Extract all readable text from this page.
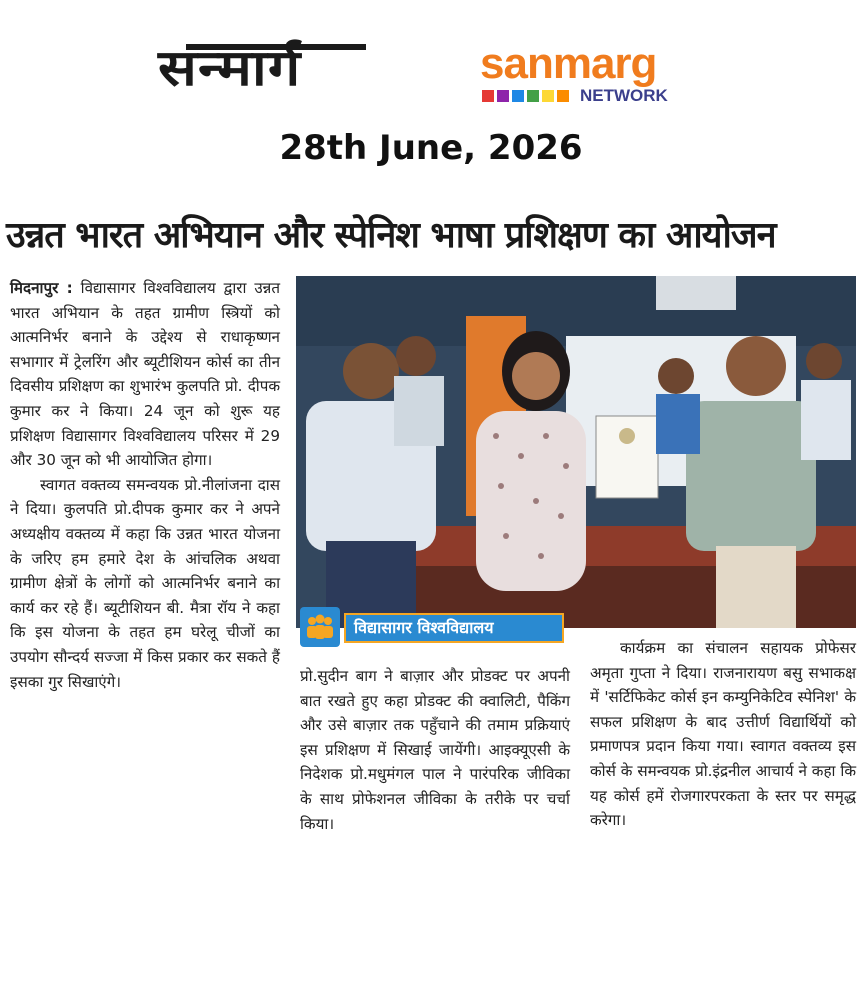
सन्मार्ग	sanmarg
NETWORK
28th June, 2026
उन्नत भारत अभियान और स्पेनिश भाषा प्रशिक्षण का आयोजन

मिदनापुर : विद्यासागर विश्वविद्यालय द्वारा उन्नत भारत अभियान के तहत ग्रामीण स्त्रियों को आत्मनिर्भर बनाने के उद्देश्य से राधाकृष्णन सभागार में ट्रेलरिंग और ब्यूटीशियन कोर्स का तीन दिवसीय प्रशिक्षण का शुभारंभ कुलपति प्रो. दीपक कुमार कर ने किया। 24 जून को शुरू यह प्रशिक्षण विद्यासागर विश्वविद्यालय परिसर में 29 और 30 जून को भी आयोजित होगा।

स्वागत वक्तव्य समन्वयक प्रो.नीलांजना दास ने दिया। कुलपति प्रो.दीपक कुमार कर ने अपने अध्यक्षीय वक्तव्य में कहा कि उन्नत भारत योजना के जरिए हम हमारे देश के आंचलिक अथवा ग्रामीण क्षेत्रों के लोगों को आत्मनिर्भर बनाने का कार्य कर रहे हैं। ब्यूटीशियन बी. मैत्रा रॉय ने कहा कि इस योजना के तहत हम घरेलू चीजों का उपयोग सौन्दर्य सज्जा में किस प्रकार कर सकते हैं इसका गुर सिखाएंगे।

विद्यासागर विश्वविद्यालय

प्रो.सुदीन बाग ने बाज़ार और प्रोडक्ट पर अपनी बात रखते हुए कहा प्रोडक्ट की क्वालिटी, पैकिंग और उसे बाज़ार तक पहुँचाने की तमाम प्रक्रियाएं इस प्रशिक्षण में सिखाई जायेंगी। आइक्यूएसी के निदेशक प्रो.मधुमंगल पाल ने पारंपरिक जीविका के साथ प्रोफेशनल जीविका के तरीके पर चर्चा किया।

कार्यक्रम का संचालन सहायक प्रोफेसर अमृता गुप्ता ने दिया। राजनारायण बसु सभाकक्ष में 'सर्टिफिकेट कोर्स इन कम्युनिकेटिव स्पेनिश' के सफल प्रशिक्षण के बाद उत्तीर्ण विद्यार्थियों को प्रमाणपत्र प्रदान किया गया। स्वागत वक्तव्य इस कोर्स के समन्वयक प्रो.इंद्रनील आचार्य ने कहा कि यह कोर्स हमें रोजगारपरकता के स्तर पर समृद्ध करेगा।
